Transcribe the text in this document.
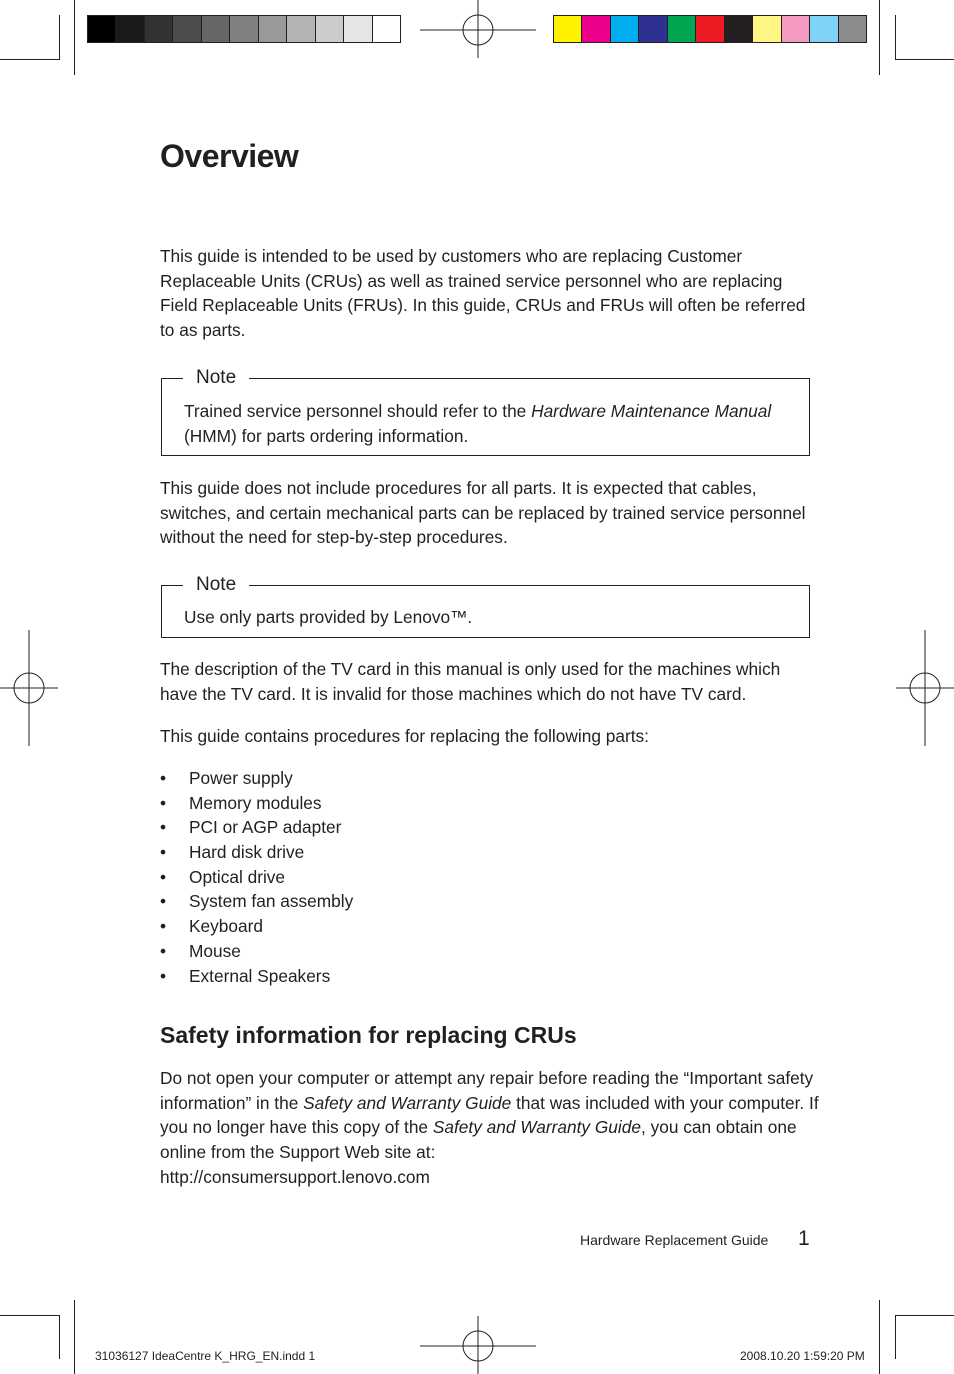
Overview

This guide is intended to be used by customers who are replacing Customer Replaceable Units (CRUs) as well as trained service personnel who are replacing Field Replaceable Units (FRUs). In this guide, CRUs and FRUs will often be referred to as parts.

Note
Trained service personnel should refer to the Hardware Maintenance Manual (HMM) for parts ordering information.

This guide does not include procedures for all parts. It is expected that cables, switches, and certain mechanical parts can be replaced by trained service personnel without the need for step-by-step procedures.

Note
Use only parts provided by Lenovo™.

The description of the TV card in this manual is only used for the machines which have the TV card. It is invalid for those machines which do not have TV card.

This guide contains procedures for replacing the following parts:

• Power supply
• Memory modules
• PCI or AGP adapter
• Hard disk drive
• Optical drive
• System fan assembly
• Keyboard
• Mouse
• External Speakers
Safety information for replacing CRUs

Do not open your computer or attempt any repair before reading the “Important safety information” in the Safety and Warranty Guide that was included with your computer. If you no longer have this copy of the Safety and Warranty Guide, you can obtain one online from the Support Web site at:
http://consumersupport.lenovo.com

Hardware Replacement Guide 1
31036127 IdeaCentre K_HRG_EN.indd 1	2008.10.20 1:59:20 PM
